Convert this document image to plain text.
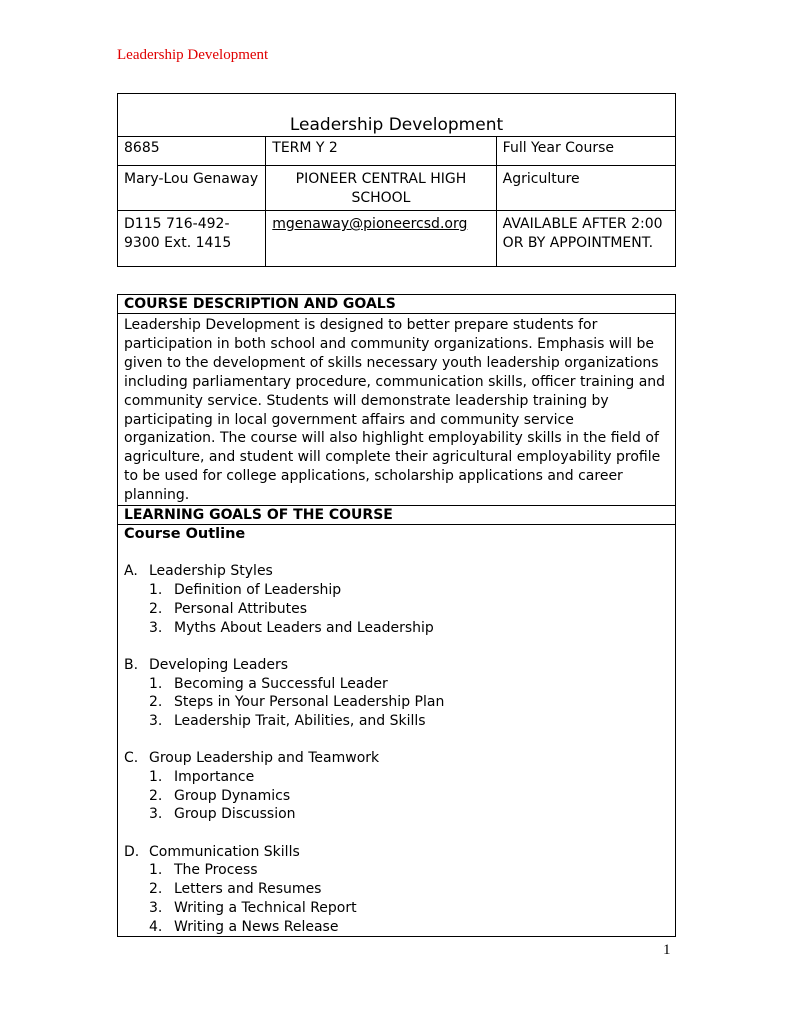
Leadership Development
Leadership Development		
8685	TERM Y 2	Full Year Course
Mary-Lou Genaway	PIONEER CENTRAL HIGH SCHOOL	Agriculture
D115 716-492-9300 Ext. 1415	mgenaway@pioneercsd.org	AVAILABLE AFTER 2:00 OR BY APPOINTMENT.
COURSE DESCRIPTION AND GOALS
Leadership Development is designed to better prepare students for participation in both school and community organizations. Emphasis will be given to the development of skills necessary youth leadership organizations including parliamentary procedure, communication skills, officer training and community service. Students will demonstrate leadership training by participating in local government affairs and community service organization. The course will also highlight employability skills in the field of agriculture, and student will complete their agricultural employability profile to be used for college applications, scholarship applications and career planning.
LEARNING GOALS OF THE COURSE

Course Outline
A. Leadership Styles
1. Definition of Leadership
2. Personal Attributes
3. Myths About Leaders and Leadership
B. Developing Leaders
1. Becoming a Successful Leader
2. Steps in Your Personal Leadership Plan
3. Leadership Trait, Abilities, and Skills
C. Group Leadership and Teamwork
1. Importance
2. Group Dynamics
3. Group Discussion
D. Communication Skills
1. The Process
2. Letters and Resumes
3. Writing a Technical Report
4. Writing a News Release
1
